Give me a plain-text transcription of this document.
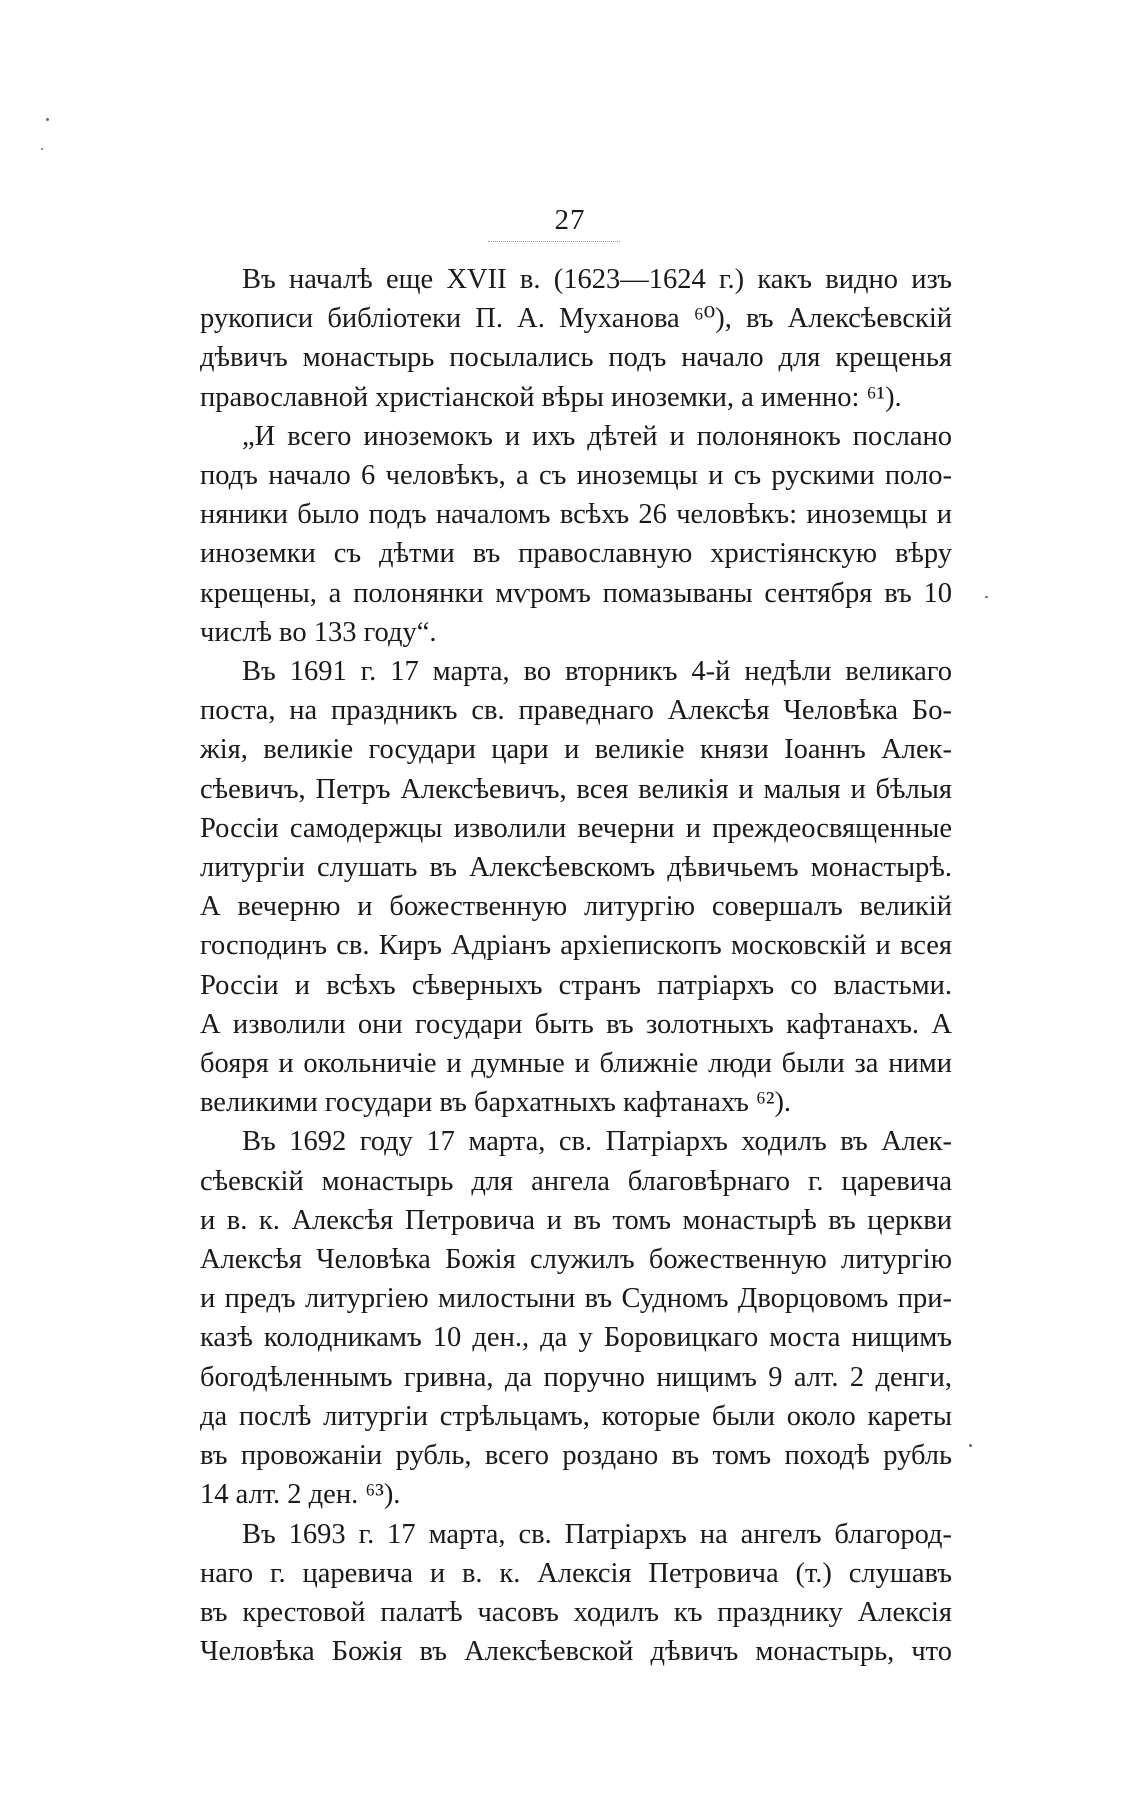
27
Въ началѣ еще XVII в. (1623—1624 г.) какъ видно изъ
рукописи библіотеки П. А. Муханова ⁶⁰), въ Алексѣевскій
дѣвичъ монастырь посылались подъ начало для крещенья
православной христіанской вѣры иноземки, а именно: ⁶¹).
„И всего иноземокъ и ихъ дѣтей и полонянокъ послано
подъ начало 6 человѣкъ, а съ иноземцы и съ рускими поло-
няники было подъ началомъ всѣхъ 26 человѣкъ: иноземцы и
иноземки съ дѣтми въ православную христіянскую вѣру
крещены, а полонянки мѵромъ помазываны сентября въ 10
числѣ во 133 году“.
Въ 1691 г. 17 марта, во вторникъ 4-й недѣли великаго
поста, на праздникъ св. праведнаго Алексѣя Человѣка Бо-
жія, великіе государи цари и великіе князи Іоаннъ Алек-
сѣевичъ, Петръ Алексѣевичъ, всея великія и малыя и бѣлыя
Россіи самодержцы изволили вечерни и преждеосвященные
литургіи слушать въ Алексѣевскомъ дѣвичьемъ монастырѣ.
А вечерню и божественную литургію совершалъ великій
господинъ св. Киръ Адріанъ архіепископъ московскій и всея
Россіи и всѣхъ сѣверныхъ странъ патріархъ со властьми.
А изволили они государи быть въ золотныхъ кафтанахъ. А
бояря и окольничіе и думные и ближніе люди были за ними
великими государи въ бархатныхъ кафтанахъ ⁶²).
Въ 1692 году 17 марта, св. Патріархъ ходилъ въ Алек-
сѣевскій монастырь для ангела благовѣрнаго г. царевича
и в. к. Алексѣя Петровича и въ томъ монастырѣ въ церкви
Алексѣя Человѣка Божія служилъ божественную литургію
и предъ литургіею милостыни въ Судномъ Дворцовомъ при-
казѣ колодникамъ 10 ден., да у Боровицкаго моста нищимъ
богодѣленнымъ гривна, да поручно нищимъ 9 алт. 2 денги,
да послѣ литургіи стрѣльцамъ, которые были около кареты
въ провожаніи рубль, всего роздано въ томъ походѣ рубль
14 алт. 2 ден. ⁶³).
Въ 1693 г. 17 марта, св. Патріархъ на ангелъ благород-
наго г. царевича и в. к. Алексія Петровича (т.) слушавъ
въ крестовой палатѣ часовъ ходилъ къ празднику Алексія
Человѣка Божія въ Алексѣевской дѣвичъ монастырь, что
